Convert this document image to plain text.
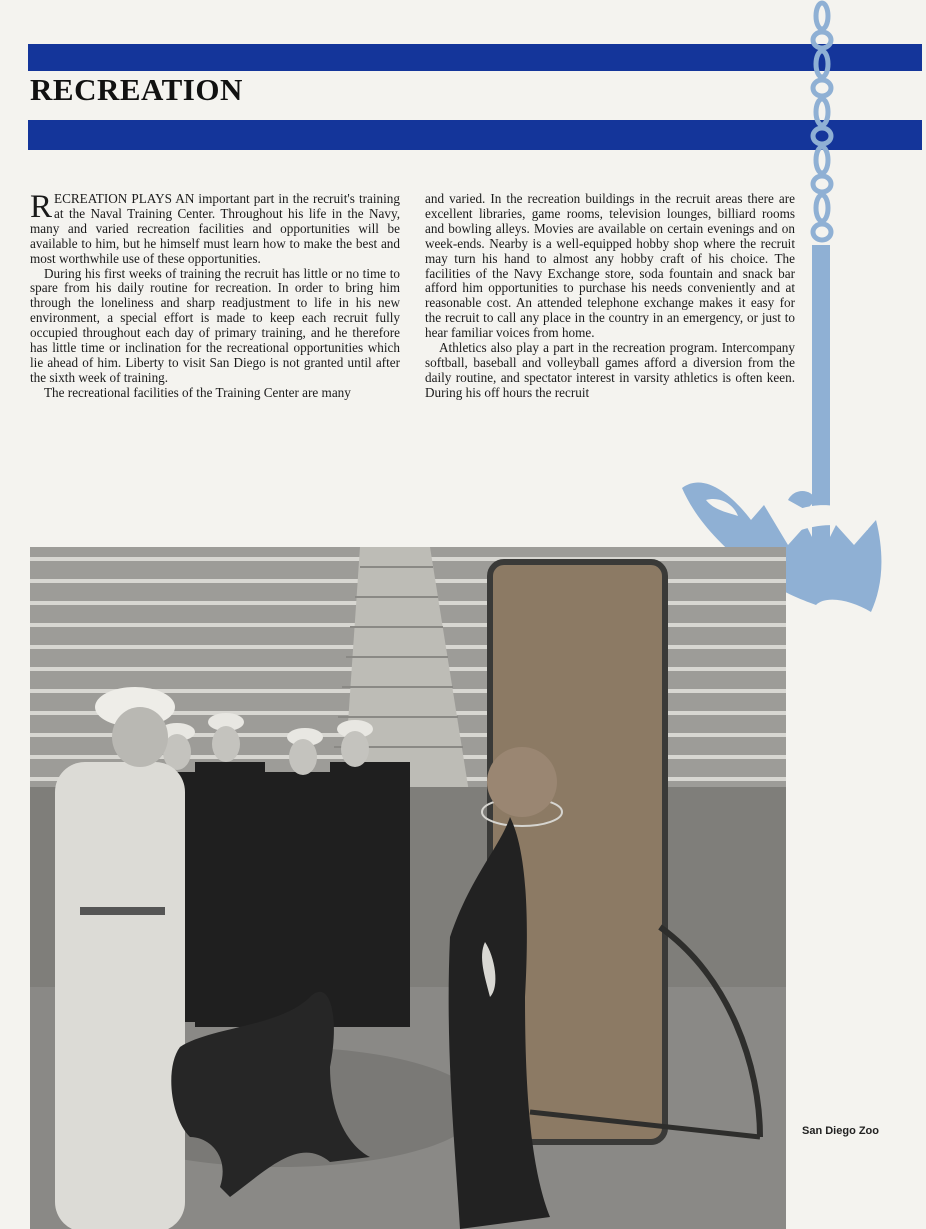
RECREATION

RECREATION PLAYS AN important part in the recruit's training at the Naval Training Center. Throughout his life in the Navy, many and varied recreation facilities and opportunities will be available to him, but he himself must learn how to make the best and most worthwhile use of these opportunities.

During his first weeks of training the recruit has little or no time to spare from his daily routine for recreation. In order to bring him through the loneliness and sharp readjustment to life in his new environment, a special effort is made to keep each recruit fully occupied throughout each day of primary training, and he therefore has little time or inclination for the recreational opportunities which lie ahead of him. Liberty to visit San Diego is not granted until after the sixth week of training.

The recreational facilities of the Training Center are many

and varied. In the recreation buildings in the recruit areas there are excellent libraries, game rooms, television lounges, billiard rooms and bowling alleys. Movies are available on certain evenings and on week-ends. Nearby is a well-equipped hobby shop where the recruit may turn his hand to almost any hobby craft of his choice. The facilities of the Navy Exchange store, soda fountain and snack bar afford him opportunities to purchase his needs conveniently and at reasonable cost. An attended telephone exchange makes it easy for the recruit to call any place in the country in an emergency, or just to hear familiar voices from home.

Athletics also play a part in the recreation program. Intercompany softball, baseball and volleyball games afford a diversion from the daily routine, and spectator interest in varsity athletics is often keen. During his off hours the recruit

San Diego Zoo
